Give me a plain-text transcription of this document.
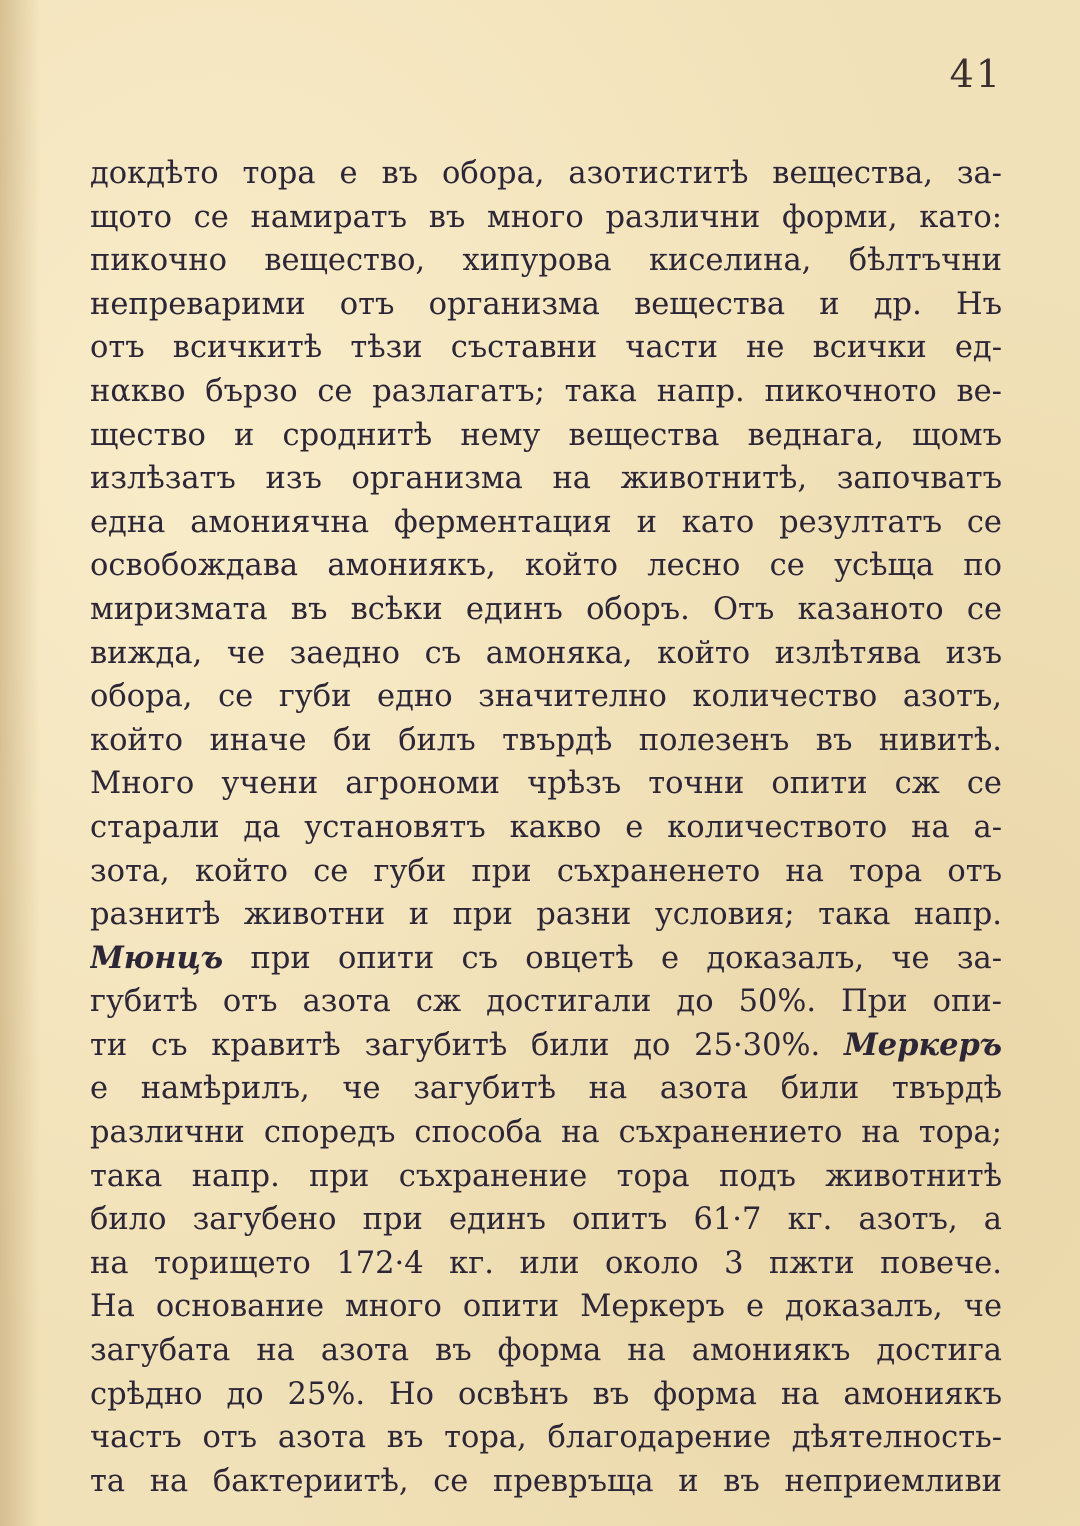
41
докдѣто тора е въ обора, азотиститѣ вещества, за-
щото се намиратъ въ много различни форми, като:
пикочно вещество, хипурова киселина, бѣлтъчни
непреварими отъ организма вещества и др. Нъ
отъ всичкитѣ тѣзи съставни части не всички ед-
нακво бързо се разлагатъ; така напр. пикочното ве-
щество и сроднитѣ нему вещества веднага, щомъ
излѣзатъ изъ организма на животнитѣ, започватъ
една амониячна ферментация и като резултатъ се
освобождава амониякъ, който лесно се усѣща по
миризмата въ всѣки единъ оборъ. Отъ казаното се
вижда, че заедно съ амоняка, който излѣтява изъ
обора, се губи едно значително количество азотъ,
който иначе би билъ твърдѣ полезенъ въ нивитѣ.
Много учени агрономи чрѣзъ точни опити сж се
старали да установятъ какво е количеството на а-
зота, който се губи при съхраненето на тора отъ
разнитѣ животни и при разни условия; така напр.
Мюнцъ при опити съ овцетѣ е доказалъ, че за-
губитѣ отъ азота сж достигали до 50%. При опи-
ти съ кравитѣ загубитѣ били до 25·30%. Меркеръ
е намѣрилъ, че загубитѣ на азота били твърдѣ
различни споредъ способа на съхранението на тора;
така напр. при съхранение тора подъ животнитѣ
било загубено при единъ опитъ 61·7 кг. азотъ, а
на торището 172·4 кг. или около 3 пжти повече.
На основание много опити Меркеръ е доказалъ, че
загубата на азота въ форма на амониякъ достига
срѣдно до 25%. Но освѣнъ въ форма на амониякъ
частъ отъ азота въ тора, благодарение дѣятелность-
та на бактериитѣ, се превръща и въ неприемливи
